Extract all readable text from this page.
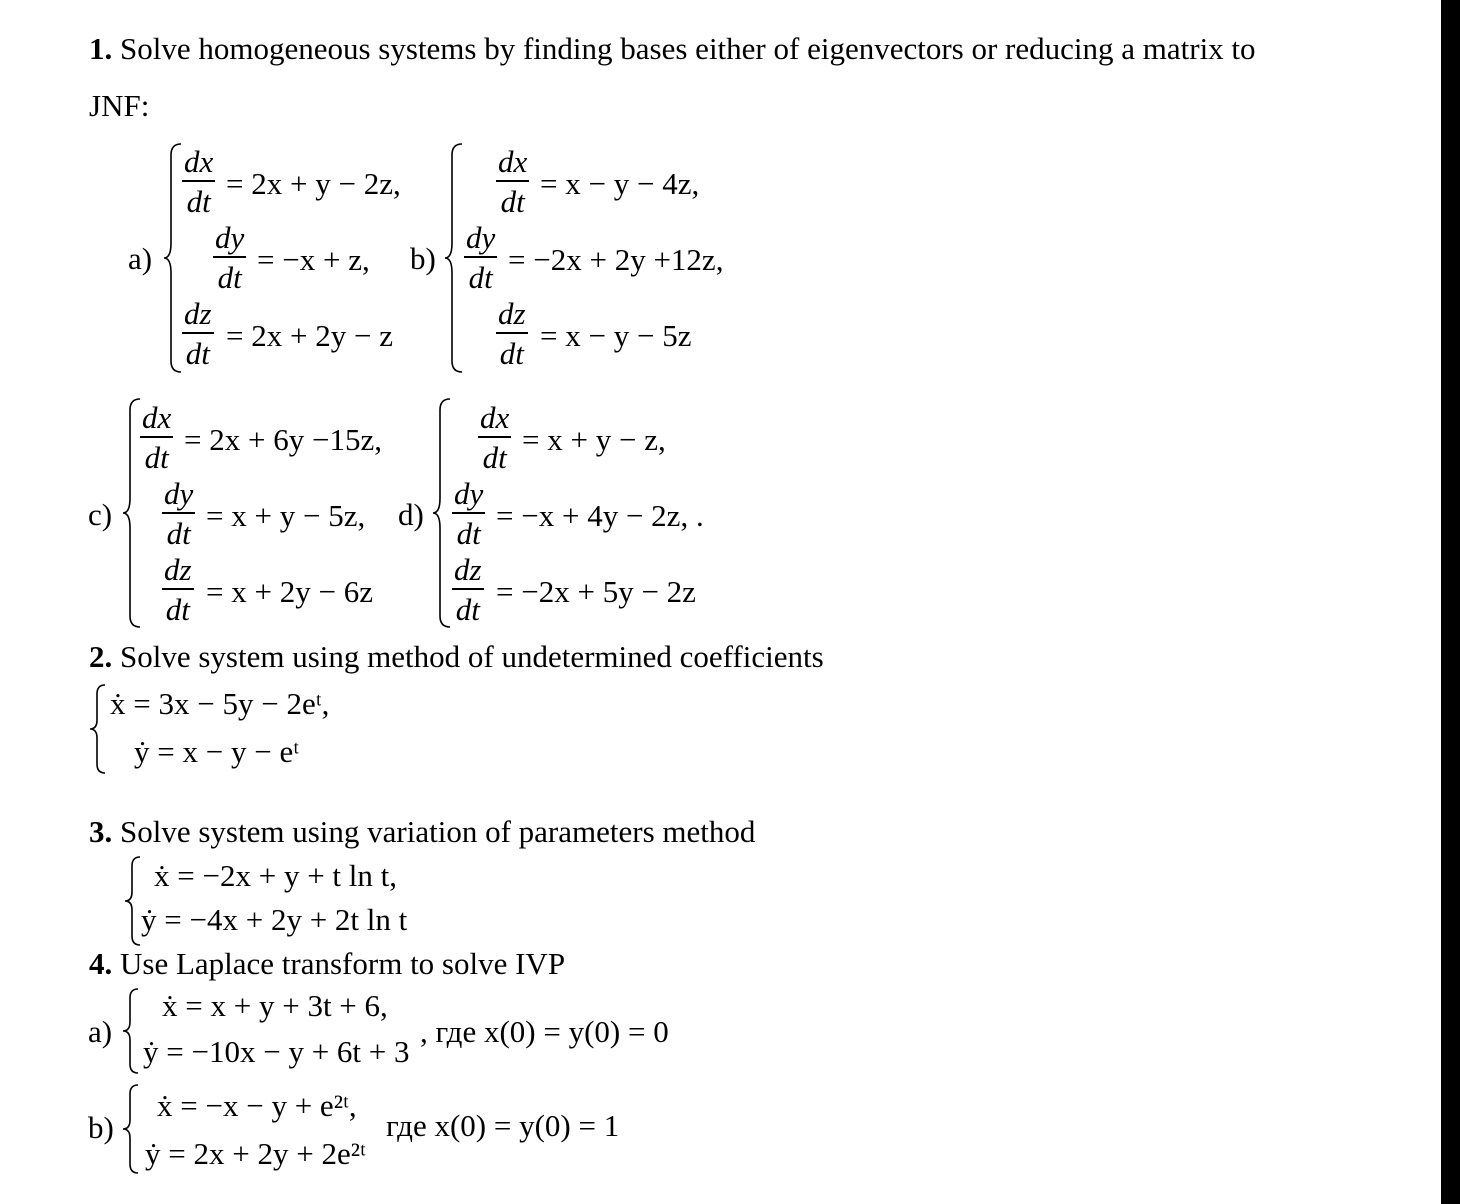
1. Solve homogeneous systems by finding bases either of eigenvectors or reducing a matrix to
JNF:
a)
dx
dt = 2x + y − 2z,
dy
dt = −x + z,
dz
dt = 2x + 2y − z
b)
dx
dt = x − y − 4z,
dy
dt = −2x + 2y +12z,
dz
dt = x − y − 5z
c)
dx
dt = 2x + 6y −15z,
dy
dt = x + y − 5z,
dz
dt = x + 2y − 6z
d)
dx
dt = x + y − z,
dy
dt = −x + 4y − 2z, .
dz
dt = −2x + 5y − 2z
2. Solve system using method of undetermined coefficients
ẋ = 3x − 5y − 2eᵗ,
ẏ = x − y − eᵗ
3. Solve system using variation of parameters method
ẋ = −2x + y + t ln t,
ẏ = −4x + 2y + 2t ln t
4. Use Laplace transform to solve IVP
a)
ẋ = x + y + 3t + 6,
ẏ = −10x − y + 6t + 3
, где x(0) = y(0) = 0
b)
ẋ = −x − y + e²ᵗ,
ẏ = 2x + 2y + 2e²ᵗ
где x(0) = y(0) = 1
